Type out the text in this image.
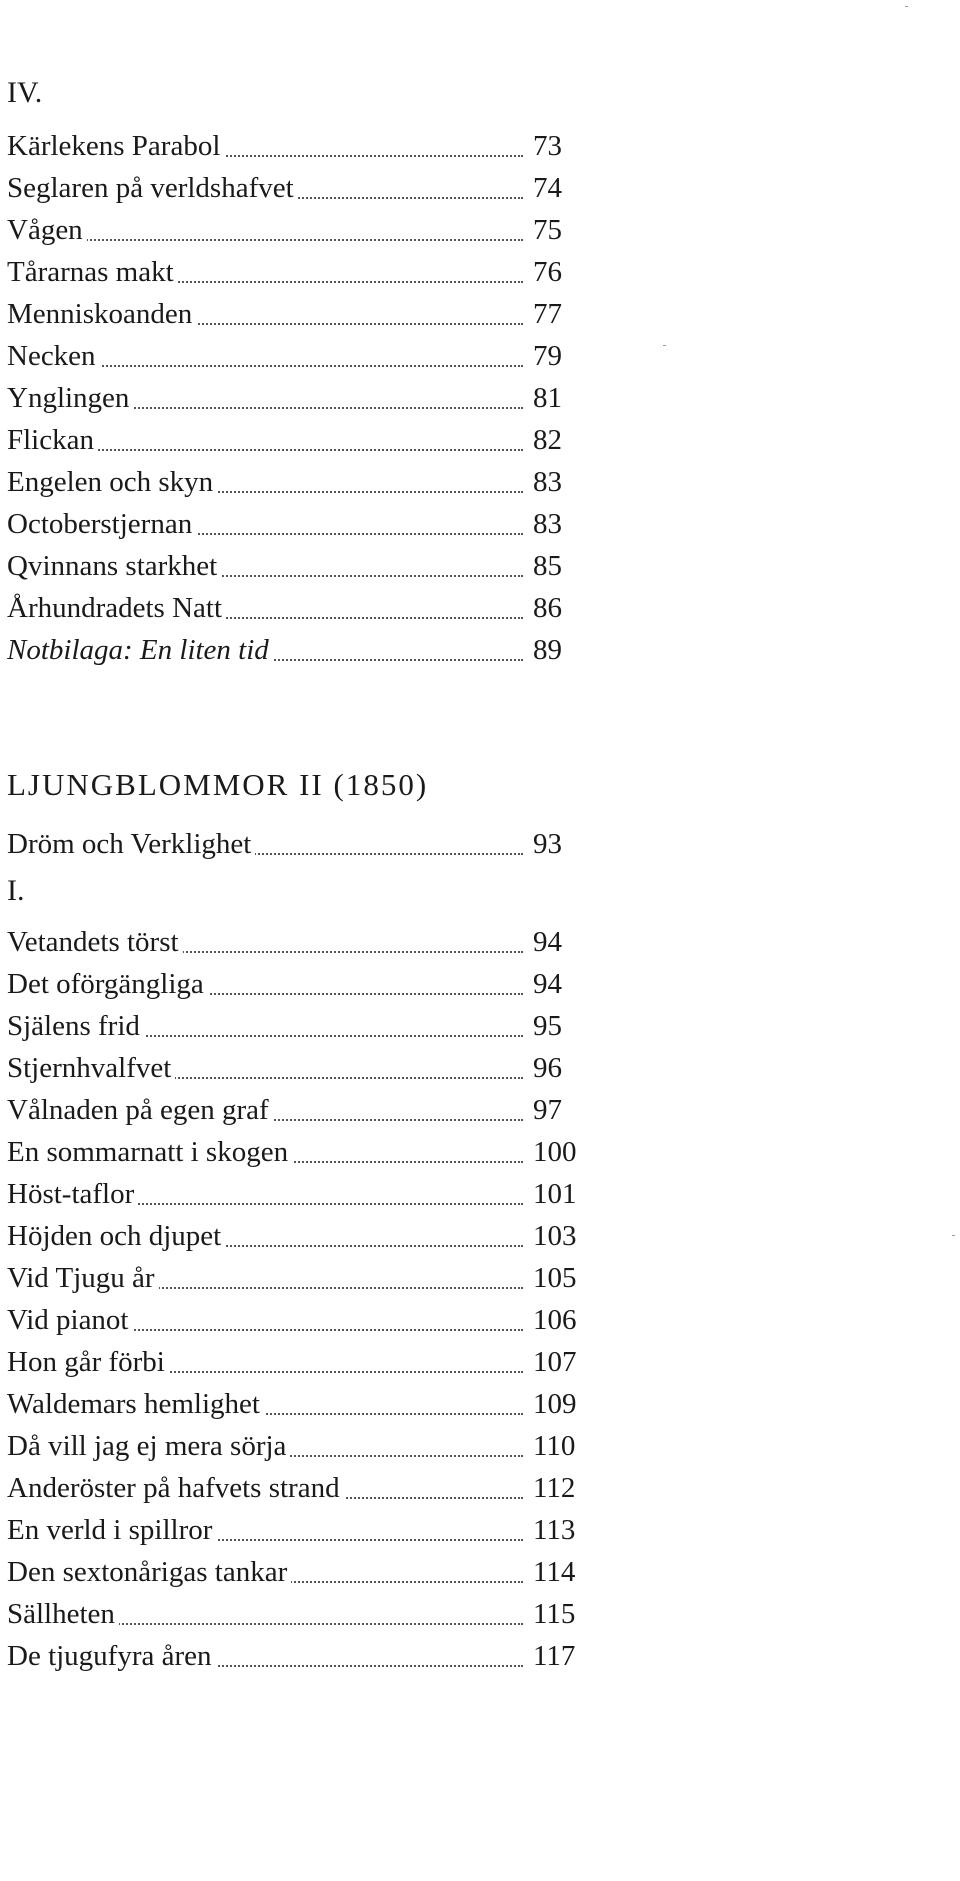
IV.
Kärlekens Parabol	73
Seglaren på verldshafvet	74
Vågen	75
Tårarnas makt	76
Menniskoanden	77
Necken	79
Ynglingen	81
Flickan	82
Engelen och skyn	83
Octoberstjernan	83
Qvinnans starkhet	85
Århundradets Natt	86
Notbilaga: En liten tid	89
LJUNGBLOMMOR II (1850)
Dröm och Verklighet	93
I.
Vetandets törst	94
Det oförgängliga	94
Själens frid	95
Stjernhvalfvet	96
Vålnaden på egen graf	97
En sommarnatt i skogen	100
Höst-taflor	101
Höjden och djupet	103
Vid Tjugu år	105
Vid pianot	106
Hon går förbi	107
Waldemars hemlighet	109
Då vill jag ej mera sörja	110
Anderöster på hafvets strand	112
En verld i spillror	113
Den sextonårigas tankar	114
Sällheten	115
De tjugufyra åren	117
